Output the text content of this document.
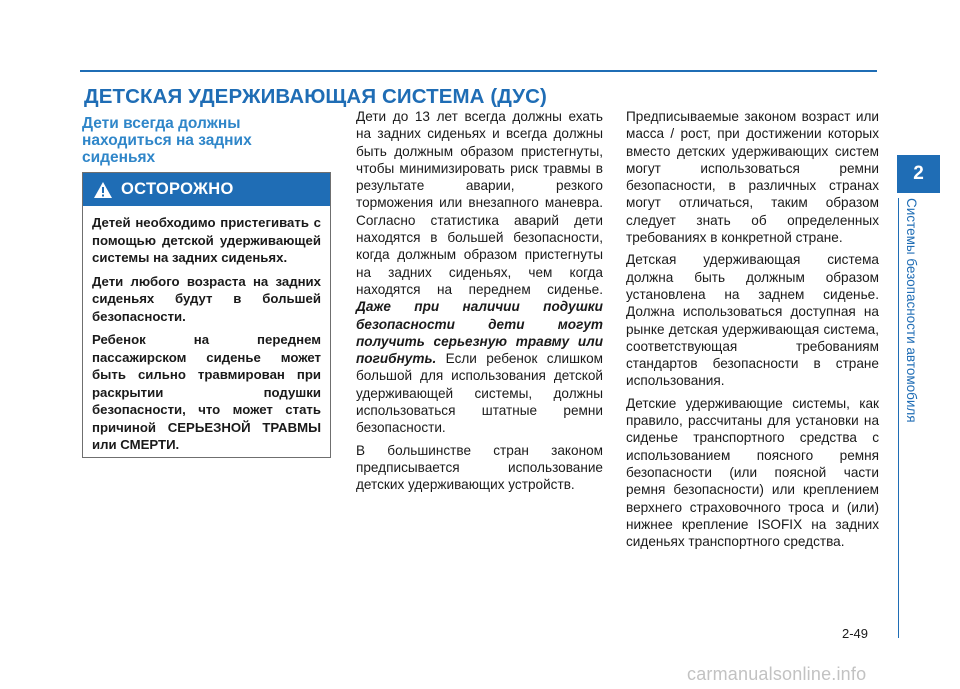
ДЕТСКАЯ УДЕРЖИВАЮЩАЯ СИСТЕМА (ДУС)
Дети всегда должны находиться на задних сиденьях
ОСТОРОЖНО

Детей необходимо пристегивать с помощью детской удерживающей системы на задних сиденьях.

Дети любого возраста на задних сиденьях будут в большей безопасности.

Ребенок на переднем пассажирском сиденье может быть сильно травмирован при раскрытии подушки безопасности, что может стать причиной СЕРЬЕЗНОЙ ТРАВМЫ или СМЕРТИ.

Дети до 13 лет всегда должны ехать на задних сиденьях и всегда должны быть должным образом пристегнуты, чтобы минимизировать риск травмы в результате аварии, резкого торможения или внезапного маневра. Согласно статистика аварий дети находятся в большей безопасности, когда должным образом пристегнуты на задних сиденьях, чем когда находятся на переднем сиденье. Даже при наличии подушки безопасности дети могут получить серьезную травму или погибнуть. Если ребенок слишком большой для использования детской удерживающей системы, должны использоваться штатные ремни безопасности.

В большинстве стран законом предписывается использование детских удерживающих устройств.

Предписываемые законом возраст или масса / рост, при достижении которых вместо детских удерживающих систем могут использоваться ремни безопасности, в различных странах могут отличаться, таким образом следует знать об определенных требованиях в конкретной стране.

Детская удерживающая система должна быть должным образом установлена на заднем сиденье. Должна использоваться доступная на рынке детская удерживающая система, соответствующая требованиям стандартов безопасности в стране использования.

Детские удерживающие системы, как правило, рассчитаны для установки на сиденье транспортного средства с использованием поясного ремня безопасности (или поясной части ремня безопасности) или креплением верхнего страховочного троса и (или) нижнее крепление ISOFIX на задних сиденьях транспортного средства.

2
Системы безопасности автомобиля
2-49
carmanualsonline.info
